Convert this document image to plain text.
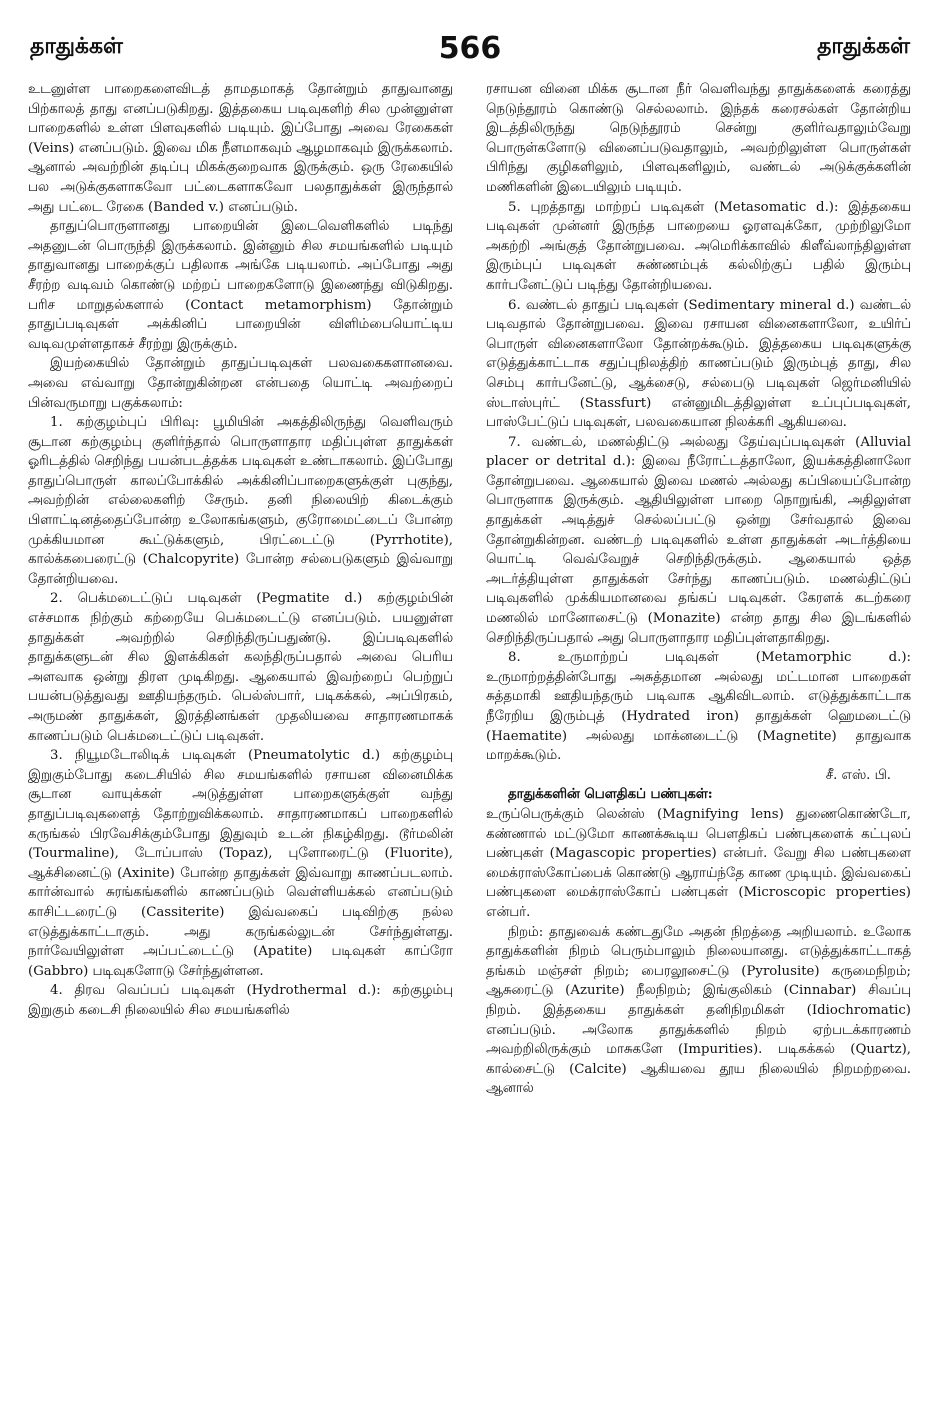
தாதுக்கள்	566	தாதுக்கள்

உடனுள்ள பாறைகளைவிடத் தாமதமாகத் தோன்றும் தாதுவானது பிற்காலத் தாது எனப்படுகிறது. இத்தகைய படிவுகளிற் சில முன்னுள்ள பாறைகளில் உள்ள பிளவுகளில் படியும். இப்போது அவை ரேகைகள் (Veins) எனப்படும். இவை மிக நீளமாகவும் ஆழமாகவும் இருக்கலாம். ஆனால் அவற்றின் தடிப்பு மிகக்குறைவாக இருக்கும். ஒரு ரேகையில் பல அடுக்குகளாகவோ பட்டைகளாகவோ பலதாதுக்கள் இருந்தால் அது பட்டை ரேகை (Banded v.) எனப்படும்.

தாதுப்பொருளானது பாறையின் இடைவெளிகளில் படிந்து அதனுடன் பொருந்தி இருக்கலாம். இன்னும் சில சமயங்களில் படியும் தாதுவானது பாறைக்குப் பதிலாக அங்கே படியலாம். அப்போது அது சீரற்ற வடிவம் கொண்டு மற்றப் பாறைகளோடு இணைந்து விடுகிறது. பரிச மாறுதல்களால் (Contact metamorphism) தோன்றும் தாதுப்படிவுகள் அக்கினிப் பாறையின் விளிம்பையொட்டிய வடிவமுள்ளதாகச் சீரற்று இருக்கும்.

இயற்கையில் தோன்றும் தாதுப்படிவுகள் பலவகைகளானவை. அவை எவ்வாறு தோன்றுகின்றன என்பதை யொட்டி அவற்றைப் பின்வருமாறு பகுக்கலாம்:

1. கற்குழம்புப் பிரிவு: பூமியின் அகத்திலிருந்து வெளிவரும் சூடான கற்குழம்பு குளிர்ந்தால் பொருளாதார மதிப்புள்ள தாதுக்கள் ஓரிடத்தில் செறிந்து பயன்படத்தக்க படிவுகள் உண்டாகலாம். இப்போது தாதுப்பொருள் காலப்போக்கில் அக்கினிப்பாறைகளுக்குள் புகுந்து, அவற்றின் எல்லைகளிற் சேரும். தனி நிலையிற் கிடைக்கும் பிளாட்டினத்தைப்போன்ற உலோகங்களும், குரோமைட்டைப் போன்ற முக்கியமான கூட்டுக்களும், பிரட்டைட்டு (Pyrrhotite), கால்க்கபைரைட்டு (Chalcopyrite) போன்ற சல்பைடுகளும் இவ்வாறு தோன்றியவை.

2. பெக்மடைட்டுப் படிவுகள் (Pegmatite d.) கற்குழம்பின் எச்சமாக நிற்கும் கற்றையே பெக்மடைட்டு எனப்படும். பயனுள்ள தாதுக்கள் அவற்றில் செறிந்திருப்பதுண்டு. இப்படிவுகளில் தாதுக்களுடன் சில இளக்கிகள் கலந்திருப்பதால் அவை பெரிய அளவாக ஒன்று திரள முடிகிறது. ஆகையால் இவற்றைப் பெற்றுப் பயன்படுத்துவது ஊதியந்தரும். பெல்ஸ்பார், படிகக்கல், அப்பிரகம், அருமண் தாதுக்கள், இரத்தினங்கள் முதலியவை சாதாரணமாகக் காணப்படும் பெக்மடைட்டுப் படிவுகள்.

3. நியூமடோலிடிக் படிவுகள் (Pneumatolytic d.) கற்குழம்பு இறுகும்போது கடைசியில் சில சமயங்களில் ரசாயன வினைமிக்க சூடான வாயுக்கள் அடுத்துள்ள பாறைகளுக்குள் வந்து தாதுப்படிவுகளைத் தோற்றுவிக்கலாம். சாதாரணமாகப் பாறைகளில் கருங்கல் பிரவேசிக்கும்போது இதுவும் உடன் நிகழ்கிறது. டூர்மலின் (Tourmaline), டோப்பாஸ் (Topaz), புளோரைட்டு (Fluorite), ஆக்சினைட்டு (Axinite) போன்ற தாதுக்கள் இவ்வாறு காணப்படலாம். கார்ன்வால் சுரங்கங்களில் காணப்படும் வெள்ளியக்கல் எனப்படும் காசிட்டரைட்டு (Cassiterite) இவ்வகைப் படிவிற்கு நல்ல எடுத்துக்காட்டாகும். அது கருங்கல்லுடன் சேர்ந்துள்ளது. நார்வேயிலுள்ள அப்பட்டைட்டு (Apatite) படிவுகள் காப்ரோ (Gabbro) படிவுகளோடு சேர்ந்துள்ளன.

4. திரவ வெப்பப் படிவுகள் (Hydrothermal d.): கற்குழம்பு இறுகும் கடைசி நிலையில் சில சமயங்களில்

ரசாயன வினை மிக்க சூடான நீர் வெளிவந்து தாதுக்களைக் கரைத்து நெடுந்தூரம் கொண்டு செல்லலாம். இந்தக் கரைசல்கள் தோன்றிய இடத்திலிருந்து நெடுந்தூரம் சென்று குளிர்வதாலும்வேறு பொருள்களோடு வினைப்படுவதாலும், அவற்றிலுள்ள பொருள்கள் பிரிந்து குழிகளிலும், பிளவுகளிலும், வண்டல் அடுக்குக்களின் மணிகளின் இடையிலும் படியும்.

5. புறத்தாது மாற்றப் படிவுகள் (Metasomatic d.): இத்தகைய படிவுகள் முன்னர் இருந்த பாறையை ஓரளவுக்கோ, முற்றிலுமோ அகற்றி அங்குத் தோன்றுபவை. அமெரிக்காவில் கிளீவ்லாந்திலுள்ள இரும்புப் படிவுகள் சுண்ணம்புக் கல்லிற்குப் பதில் இரும்பு கார்பனேட்டுப் படிந்து தோன்றியவை.

6. வண்டல் தாதுப் படிவுகள் (Sedimentary mineral d.) வண்டல் படிவதால் தோன்றுபவை. இவை ரசாயன வினைகளாலோ, உயிர்ப் பொருள் வினைகளாலோ தோன்றக்கூடும். இத்தகைய படிவுகளுக்கு எடுத்துக்காட்டாக சதுப்புநிலத்திற் காணப்படும் இரும்புத் தாது, சில செம்பு கார்பனேட்டு, ஆக்சைடு, சல்பைடு படிவுகள் ஜெர்மனியில் ஸ்டாஸ்புர்ட் (Stassfurt) என்னுமிடத்திலுள்ள உப்புப்படிவுகள், பாஸ்பேட்டுப் படிவுகள், பலவகையான நிலக்கரி ஆகியவை.

7. வண்டல், மணல்திட்டு அல்லது தேய்வுப்படிவுகள் (Alluvial placer or detrital d.): இவை நீரோட்டத்தாலோ, இயக்கத்தினாலோ தோன்றுபவை. ஆகையால் இவை மணல் அல்லது கப்பியைப்போன்ற பொருளாக இருக்கும். ஆதியிலுள்ள பாறை நொறுங்கி, அதிலுள்ள தாதுக்கள் அடித்துச் செல்லப்பட்டு ஒன்று சேர்வதால் இவை தோன்றுகின்றன. வண்டற் படிவுகளில் உள்ள தாதுக்கள் அடர்த்தியை யொட்டி வெவ்வேறுச் செறிந்திருக்கும். ஆகையால் ஒத்த அடர்த்தியுள்ள தாதுக்கள் சேர்ந்து காணப்படும். மணல்திட்டுப் படிவுகளில் முக்கியமானவை தங்கப் படிவுகள். கேரளக் கடற்கரை மணலில் மானோசைட்டு (Monazite) என்ற தாது சில இடங்களில் செறிந்திருப்பதால் அது பொருளாதார மதிப்புள்ளதாகிறது.

8. உருமாற்றப் படிவுகள் (Metamorphic d.): உருமாற்றத்தின்போது அசுத்தமான அல்லது மட்டமான பாறைகள் சுத்தமாகி ஊதியந்தரும் படிவாக ஆகிவிடலாம். எடுத்துக்காட்டாக நீரேறிய இரும்புத் (Hydrated iron) தாதுக்கள் ஹெமடைட்டு (Haematite) அல்லது மாக்னடைட்டு (Magnetite) தாதுவாக மாறக்கூடும்.

சீ. எஸ். பி.

தாதுக்களின் பௌதிகப் பண்புகள்:

உருப்பெருக்கும் லென்ஸ் (Magnifying lens) துணைகொண்டோ, கண்ணால் மட்டுமோ காணக்கூடிய பௌதிகப் பண்புகளைக் கட்புலப் பண்புகள் (Magascopic properties) என்பர். வேறு சில பண்புகளை மைக்ராஸ்கோப்பைக் கொண்டு ஆராய்ந்தே காண முடியும். இவ்வகைப் பண்புகளை மைக்ராஸ்கோப் பண்புகள் (Microscopic properties) என்பர்.

நிறம்: தாதுவைக் கண்டதுமே அதன் நிறத்தை அறியலாம். உலோக தாதுக்களின் நிறம் பெரும்பாலும் நிலையானது. எடுத்துக்காட்டாகத் தங்கம் மஞ்சள் நிறம்; பைரலூசைட்டு (Pyrolusite) கருமைநிறம்; ஆசுரைட்டு (Azurite) நீலநிறம்; இங்குலிகம் (Cinnabar) சிவப்பு நிறம். இத்தகைய தாதுக்கள் தனிநிறமிகள் (Idiochromatic) எனப்படும். அலோக தாதுக்களில் நிறம் ஏற்படக்காரணம் அவற்றிலிருக்கும் மாசுகளே (Impurities). படிகக்கல் (Quartz), கால்சைட்டு (Calcite) ஆகியவை தூய நிலையில் நிறமற்றவை. ஆனால்
